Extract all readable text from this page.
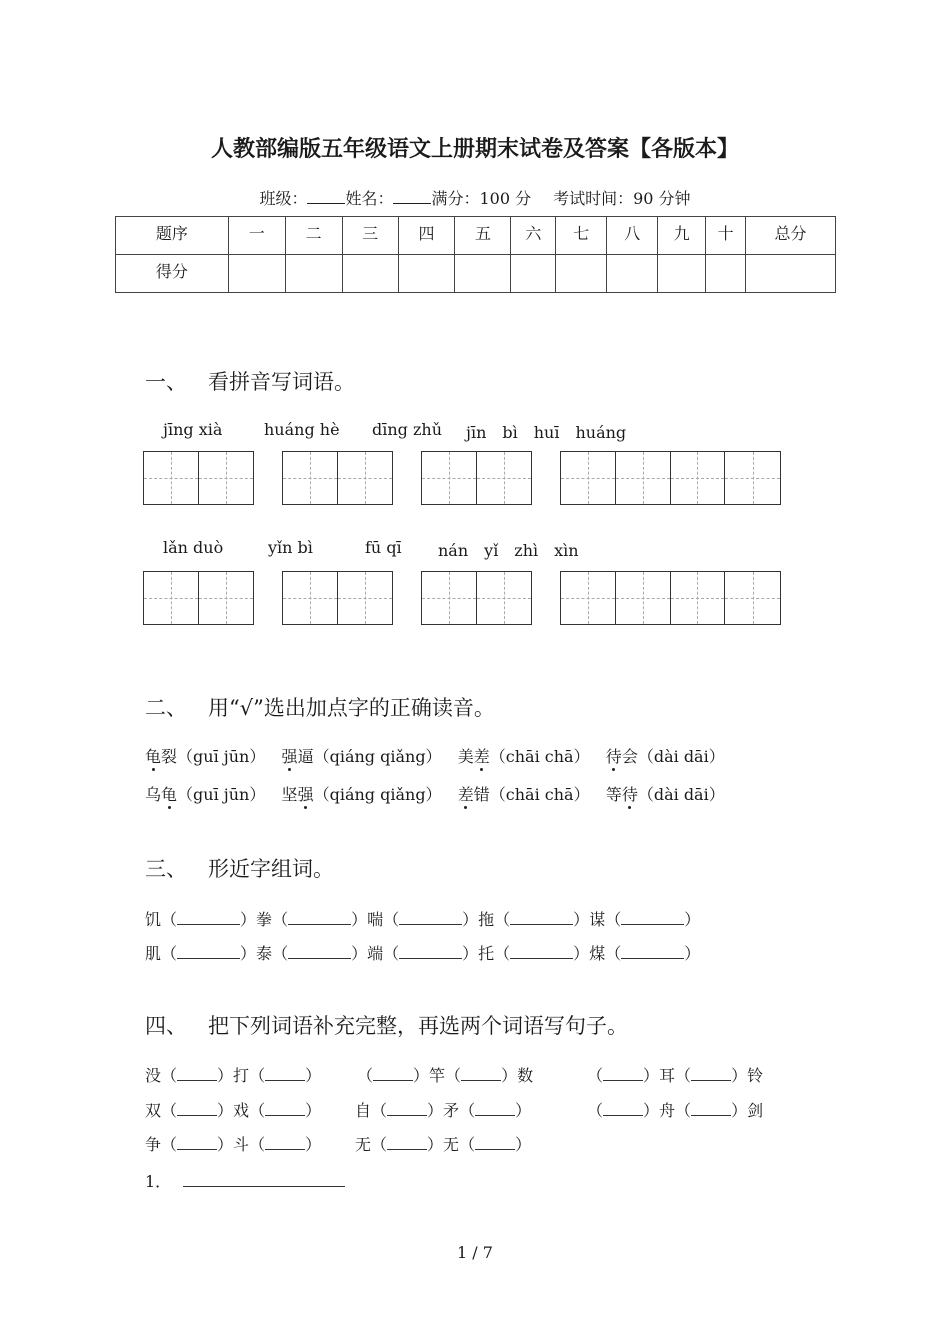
人教部编版五年级语文上册期末试卷及答案【各版本】
班级： 姓名： 满分：100 分 考试时间：90 分钟
题序	一	二	三	四	五	六	七	八	九	十	总分
得分											
一、 看拼音写词语。
jīng xià	huáng hè dīng zhǔ jīn　bì　huī　huáng
lǎn duò	yǐn bì	fū qī nán　yǐ　zhì　xìn
二、 用“√”选出加点字的正确读音。
龟裂（guī jūn） 强逼（qiáng qiǎng） 美差（chāi chā） 待会（dài dāi）
乌龟（guī jūn） 坚强（qiáng qiǎng） 差错（chāi chā） 等待（dài dāi）
三、 形近字组词。
饥（	）拳（	）喘（	）拖（	）谋（	）
肌（	）泰（	）端（	）托（	）煤（	）
四、 把下列词语补充完整，再选两个词语写句子。
没（	）打（	） （	）竿（	）数	（	）耳（	）铃
双（	）戏（	） 自（	）矛（	）	（	）舟（	）剑
争（	）斗（	） 无（	）无（	）
1．
1 / 7
